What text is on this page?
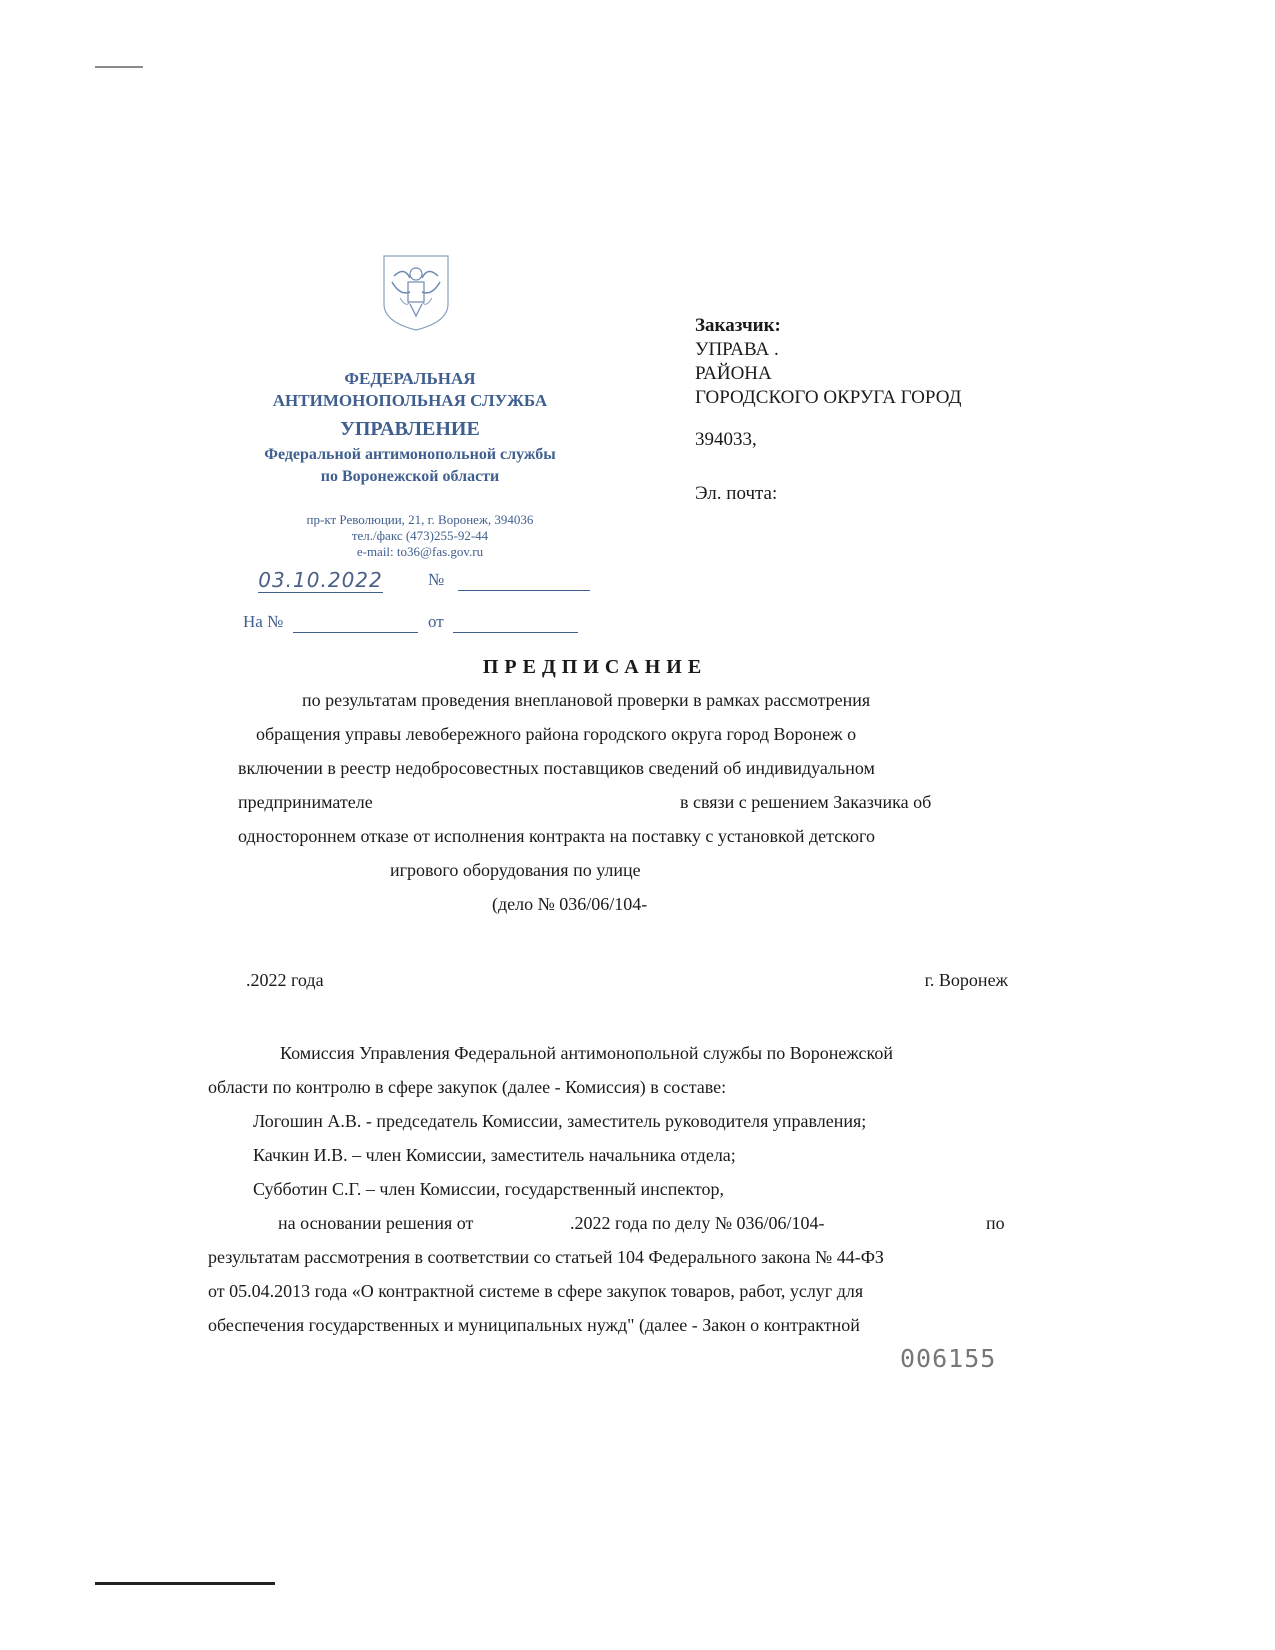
ФЕДЕРАЛЬНАЯ
АНТИМОНОПОЛЬНАЯ СЛУЖБА
УПРАВЛЕНИЕ
Федеральной антимонопольной службы
по Воронежской области
пр-кт Революции, 21, г. Воронеж, 394036
тел./факс (473)255-92-44
e-mail: to36@fas.gov.ru
03.10.2022	№
На №	от
Заказчик:
УПРАВА .
РАЙОНА
ГОРОДСКОГО ОКРУГА ГОРОД
394033,
Эл. почта:
ПРЕДПИСАНИЕ
по результатам проведения внеплановой проверки в рамках рассмотрения
обращения управы левобережного района городского округа город Воронеж о
включении в реестр недобросовестных поставщиков сведений об индивидуальном
предпринимателе	в связи с решением Заказчика об
одностороннем отказе от исполнения контракта на поставку с установкой детского
игрового оборудования по улице
(дело № 036/06/104-
.2022 года	г. Воронеж
Комиссия Управления Федеральной антимонопольной службы по Воронежской
области по контролю в сфере закупок (далее - Комиссия) в составе:
Логошин А.В. - председатель Комиссии, заместитель руководителя управления;
Качкин И.В. – член Комиссии, заместитель начальника отдела;
Субботин С.Г. – член Комиссии, государственный инспектор,
на основании решения от	.2022 года по делу № 036/06/104-	по
результатам рассмотрения в соответствии со статьей 104 Федерального закона № 44-ФЗ
от 05.04.2013 года «О контрактной системе в сфере закупок товаров, работ, услуг для
обеспечения государственных и муниципальных нужд" (далее - Закон о контрактной
006155
